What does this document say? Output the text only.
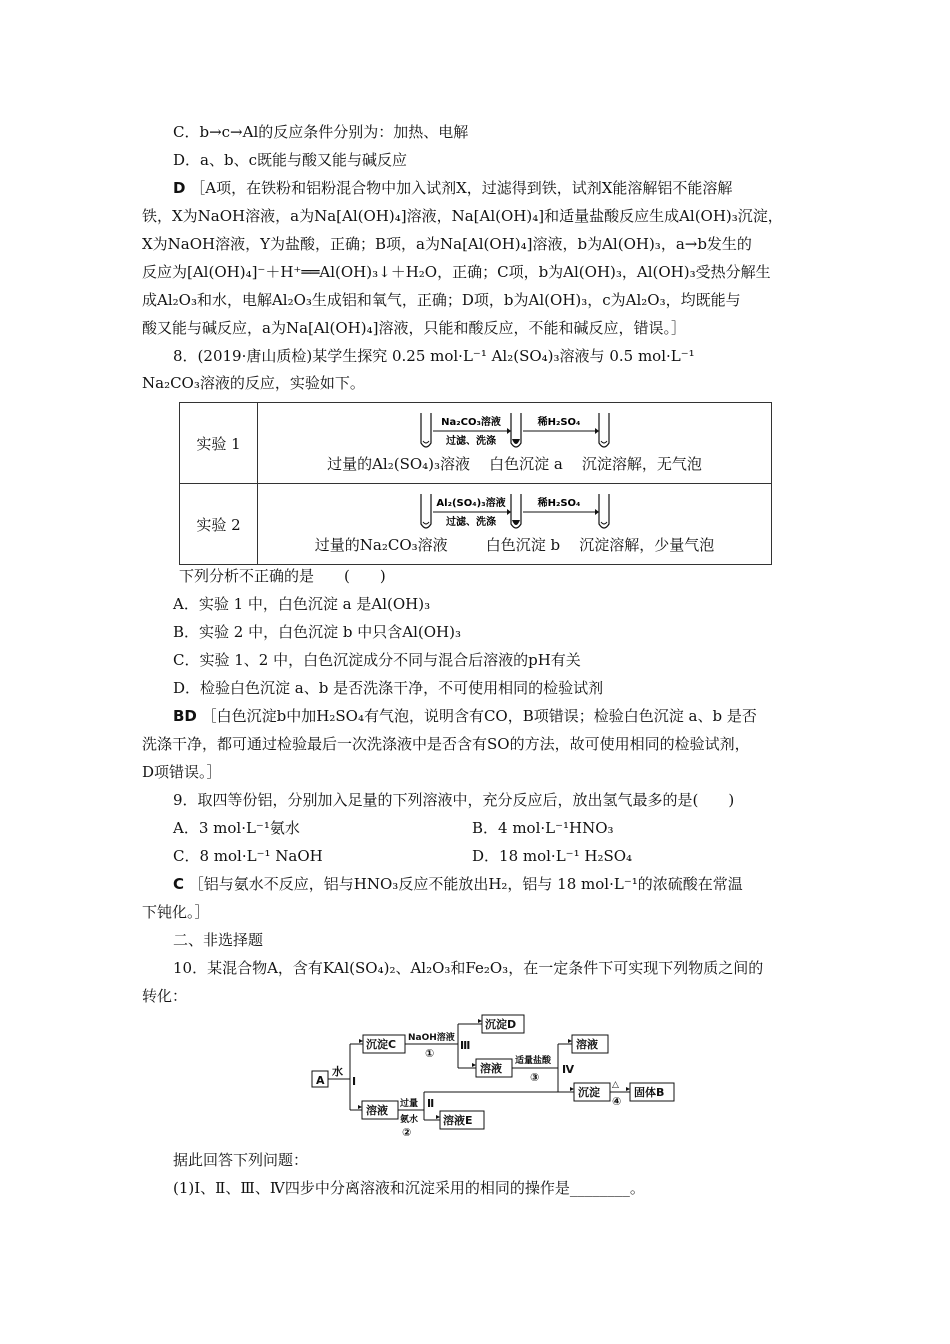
C．b→c→Al的反应条件分别为：加热、电解
D．a、b、c既能与酸又能与碱反应
D ［A项，在铁粉和铝粉混合物中加入试剂X，过滤得到铁，试剂X能溶解铝不能溶解
铁，X为NaOH溶液，a为Na[Al(OH)₄]溶液，Na[Al(OH)₄]和适量盐酸反应生成Al(OH)₃沉淀，
X为NaOH溶液，Y为盐酸，正确；B项，a为Na[Al(OH)₄]溶液，b为Al(OH)₃，a→b发生的
反应为[Al(OH)₄]⁻＋H⁺══Al(OH)₃↓＋H₂O，正确；C项，b为Al(OH)₃，Al(OH)₃受热分解生
成Al₂O₃和水，电解Al₂O₃生成铝和氧气，正确；D项，b为Al(OH)₃，c为Al₂O₃，均既能与
酸又能与碱反应，a为Na[Al(OH)₄]溶液，只能和酸反应，不能和碱反应，错误。］
8．(2019·唐山质检)某学生探究 0.25 mol·L⁻¹ Al₂(SO₄)₃溶液与 0.5 mol·L⁻¹
Na₂CO₃溶液的反应，实验如下。
实验 1	Na₂CO₃溶液
过滤、洗涤
稀H₂SO₄
过量的Al₂(SO₄)₃溶液    白色沉淀 a    沉淀溶解，无气泡

实验 2	Al₂(SO₄)₃溶液
过滤、洗涤
稀H₂SO₄
过量的Na₂CO₃溶液        白色沉淀 b    沉淀溶解，少量气泡
下列分析不正确的是　　(　　)
A．实验 1 中，白色沉淀 a 是Al(OH)₃
B．实验 2 中，白色沉淀 b 中只含Al(OH)₃
C．实验 1、2 中，白色沉淀成分不同与混合后溶液的pH有关
D．检验白色沉淀 a、b 是否洗涤干净，不可使用相同的检验试剂
BD ［白色沉淀b中加H₂SO₄有气泡，说明含有CO，B项错误；检验白色沉淀 a、b 是否
洗涤干净，都可通过检验最后一次洗涤液中是否含有SO的方法，故可使用相同的检验试剂，
D项错误。］
9．取四等份铝，分别加入足量的下列溶液中，充分反应后，放出氢气最多的是(　　)
A．3 mol·L⁻¹氨水	B．4 mol·L⁻¹HNO₃
C．8 mol·L⁻¹ NaOH	D．18 mol·L⁻¹ H₂SO₄
C ［铝与氨水不反应，铝与HNO₃反应不能放出H₂，铝与 18 mol·L⁻¹的浓硫酸在常温
下钝化。］
二、非选择题
10．某混合物A，含有KAl(SO₄)₂、Al₂O₃和Fe₂O₃，在一定条件下可实现下列物质之间的
转化：
A
水
Ⅰ
沉淀C NaOH溶液
①
Ⅲ
沉淀D
溶液
适量盐酸
③
Ⅳ
溶液
沉淀
△
④
固体B
溶液 过量
氨水
②
Ⅱ
溶液E
据此回答下列问题：
(1)Ⅰ、Ⅱ、Ⅲ、Ⅳ四步中分离溶液和沉淀采用的相同的操作是________。
